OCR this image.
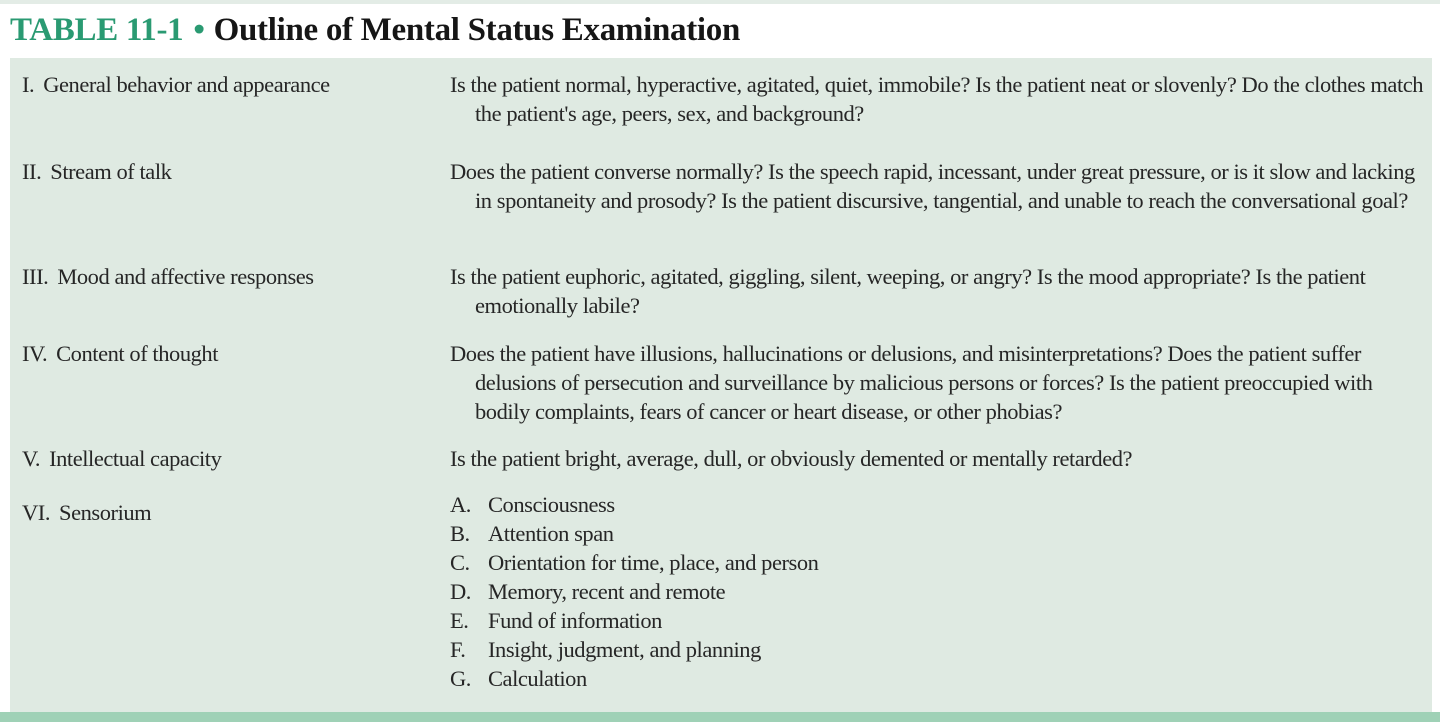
TABLE 11-1 • Outline of Mental Status Examination
I. General behavior and appearance	Is the patient normal, hyperactive, agitated, quiet, immobile? Is the patient neat or slovenly? Do the clothes match the patient's age, peers, sex, and background?

II. Stream of talk	Does the patient converse normally? Is the speech rapid, incessant, under great pressure, or is it slow and lacking in spontaneity and prosody? Is the patient discursive, tangential, and unable to reach the conversational goal?

III. Mood and affective responses	Is the patient euphoric, agitated, giggling, silent, weeping, or angry? Is the mood appropriate? Is the patient emotionally labile?

IV. Content of thought	Does the patient have illusions, hallucinations or delusions, and misinterpretations? Does the patient suffer delusions of persecution and surveillance by malicious persons or forces? Is the patient preoccupied with bodily complaints, fears of cancer or heart disease, or other phobias?

V. Intellectual capacity	Is the patient bright, average, dull, or obviously demented or mentally retarded?

VI. Sensorium	A. Consciousness
B. Attention span
C. Orientation for time, place, and person
D. Memory, recent and remote
E. Fund of information
F.	Insight, judgment, and planning
G. Calculation
